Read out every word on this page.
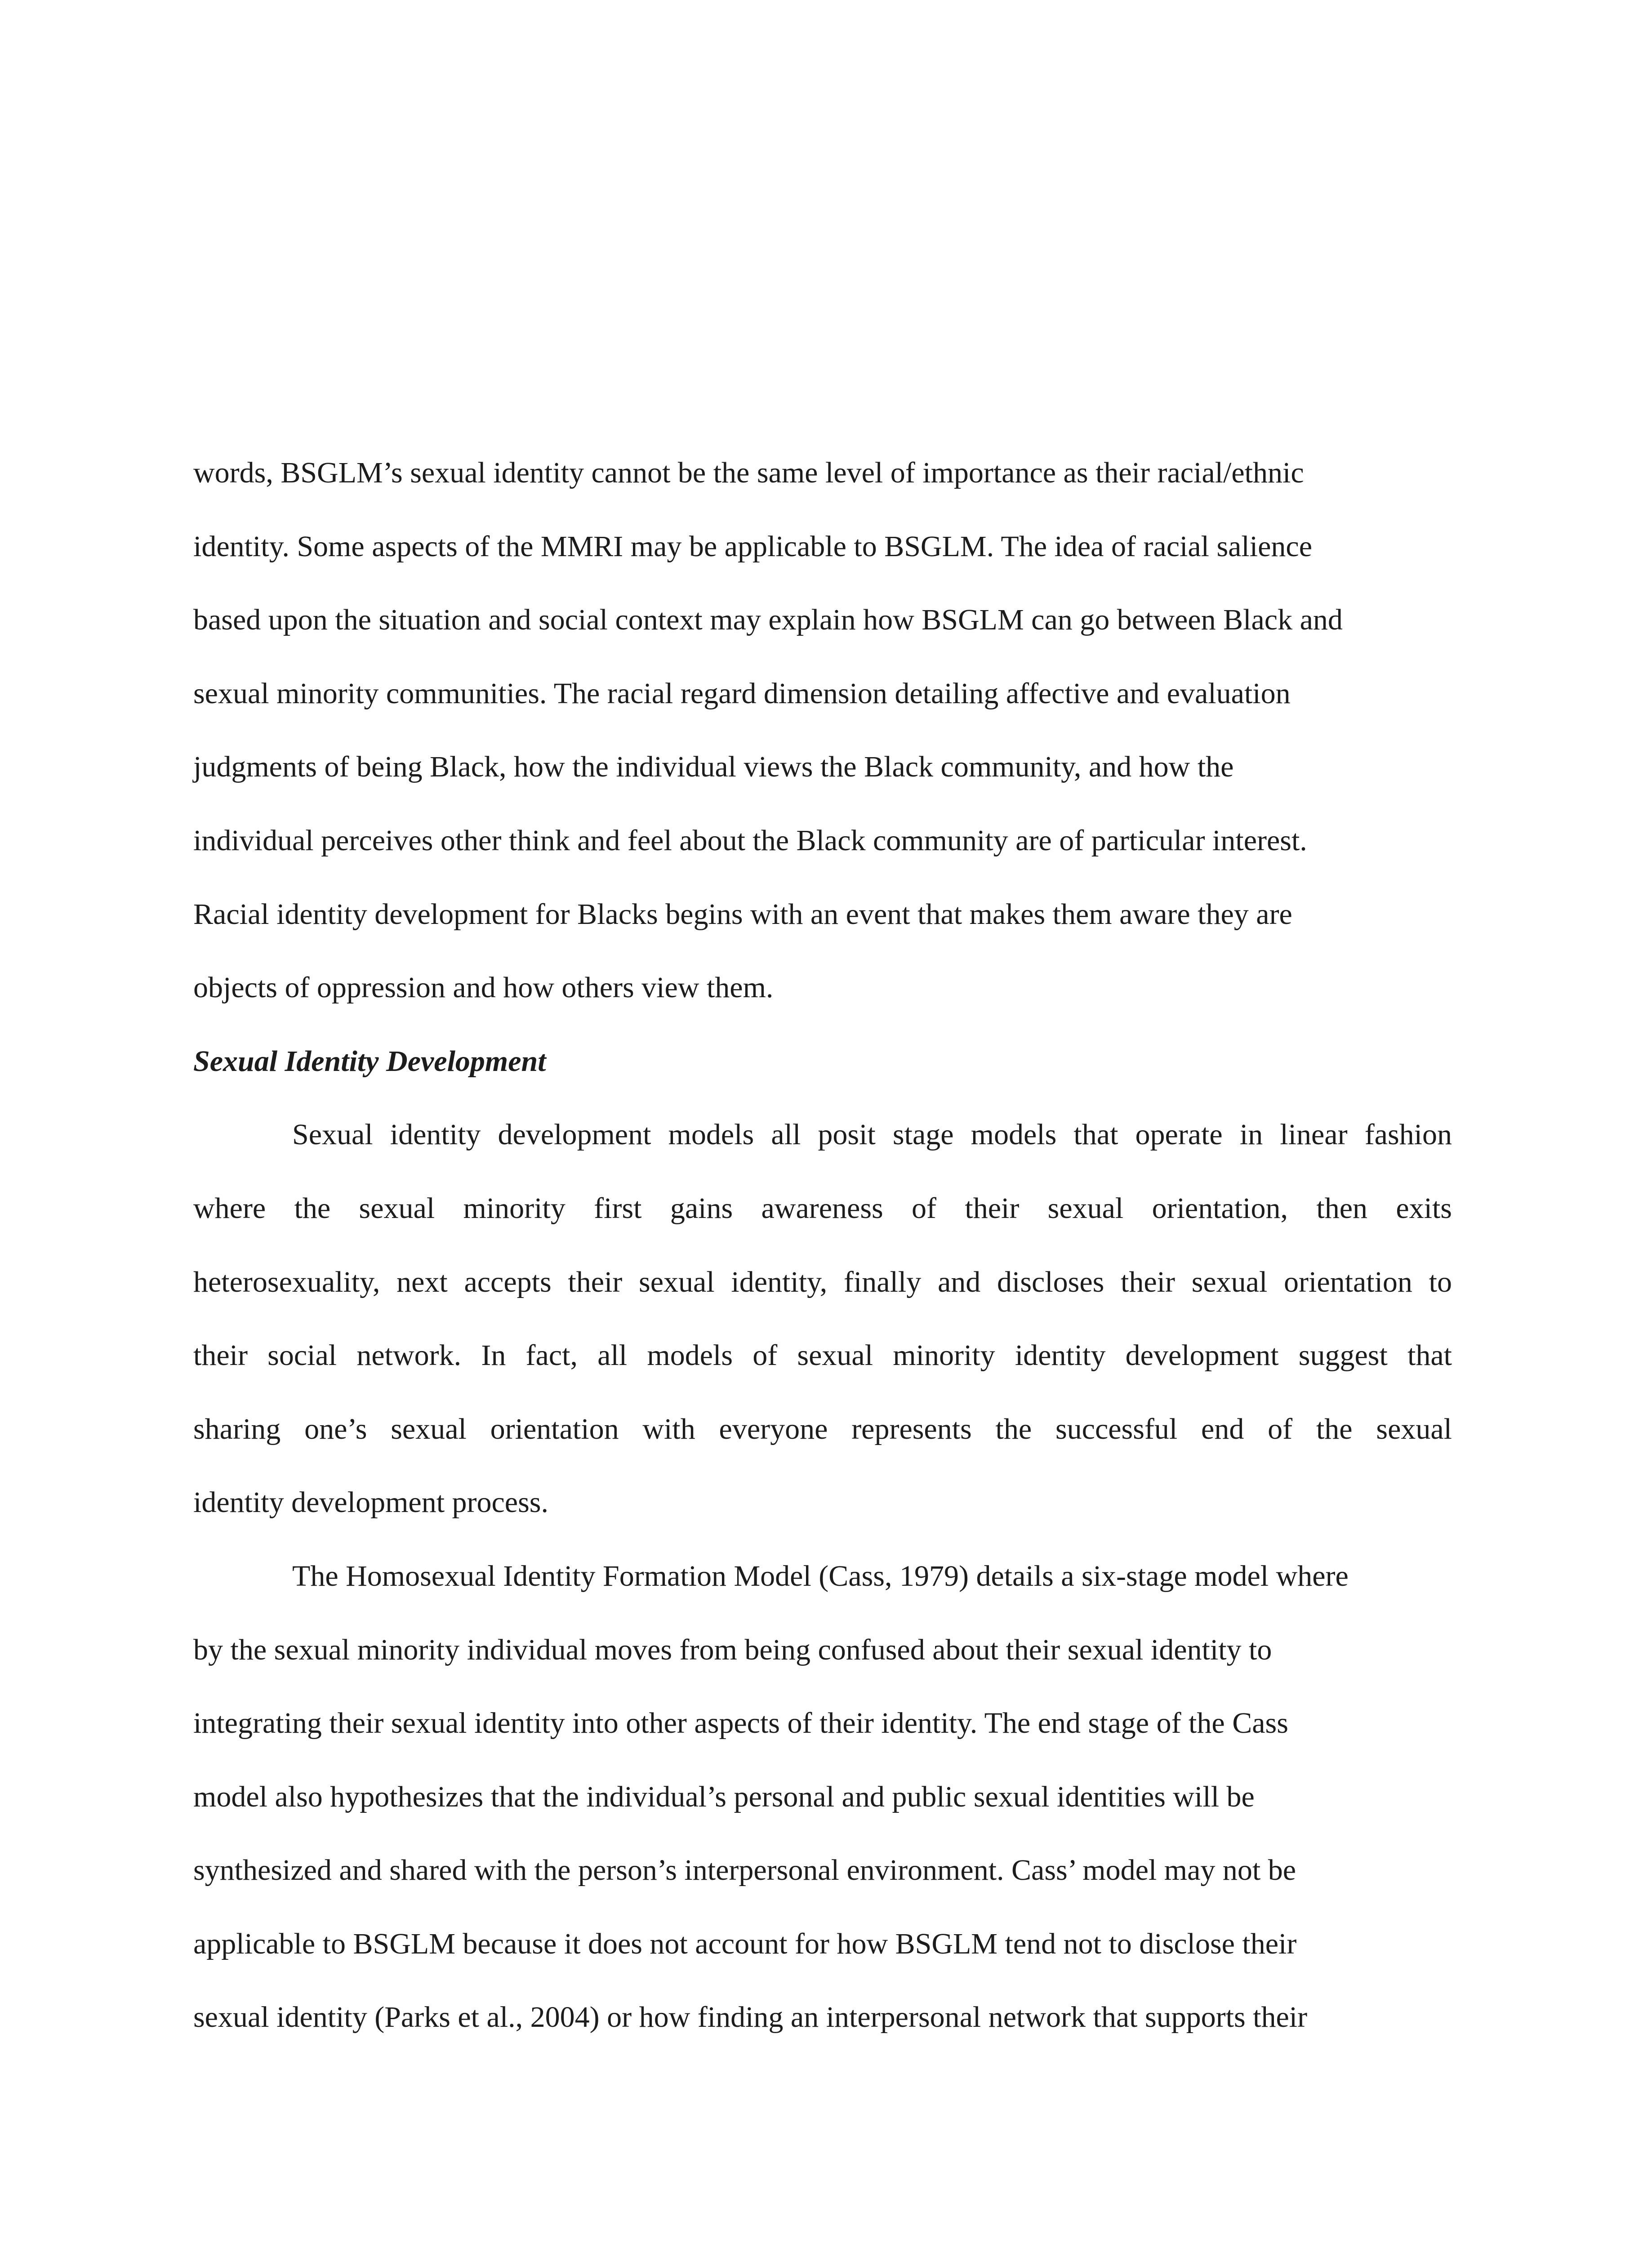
words, BSGLM’s sexual identity cannot be the same level of importance as their racial/ethnic
identity. Some aspects of the MMRI may be applicable to BSGLM. The idea of racial salience
based upon the situation and social context may explain how BSGLM can go between Black and
sexual minority communities. The racial regard dimension detailing affective and evaluation
judgments of being Black, how the individual views the Black community, and how the
individual perceives other think and feel about the Black community are of particular interest.
Racial identity development for Blacks begins with an event that makes them aware they are
objects of oppression and how others view them.

Sexual Identity Development

Sexual identity development models all posit stage models that operate in linear fashion
where the sexual minority first gains awareness of their sexual orientation, then exits
heterosexuality, next accepts their sexual identity, finally and discloses their sexual orientation to
their social network. In fact, all models of sexual minority identity development suggest that
sharing one’s sexual orientation with everyone represents the successful end of the sexual
identity development process.

The Homosexual Identity Formation Model (Cass, 1979) details a six-stage model where
by the sexual minority individual moves from being confused about their sexual identity to
integrating their sexual identity into other aspects of their identity. The end stage of the Cass
model also hypothesizes that the individual’s personal and public sexual identities will be
synthesized and shared with the person’s interpersonal environment. Cass’ model may not be
applicable to BSGLM because it does not account for how BSGLM tend not to disclose their
sexual identity (Parks et al., 2004) or how finding an interpersonal network that supports their
